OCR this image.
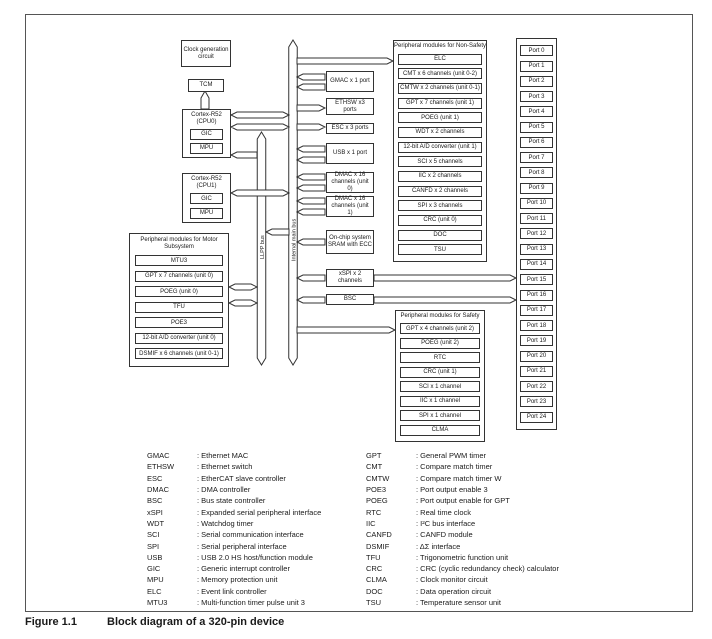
Internal main bus
LLPP bus
Clock generation circuit
TCM
Cortex-R52 (CPU0)
GIC
MPU
Cortex-R52 (CPU1)
GIC
MPU
Peripheral modules for Motor Subsystem
MTU3
GPT x 7 channels (unit 0)
POEG (unit 0)
TFU
POE3
12-bit A/D converter (unit 0)
DSMIF x 6 channels (unit 0-1)
GMAC x 1 port
ETHSW x3 ports
ESC x 3 ports
USB x 1 port
DMAC x 16 channels (unit 0)
DMAC x 16 channels (unit 1)
On-chip system SRAM with ECC
xSPI x 2 channels
BSC
Peripheral modules for Non-Safety
ELC
CMT x 6 channels (unit 0-2)
CMTW x 2 channels (unit 0-1)
GPT x 7 channels (unit 1)
POEG (unit 1)
WDT x 2 channels
12-bit A/D converter (unit 1)
SCI x 5 channels
IIC x 2 channels
CANFD x 2 channels
SPI x 3 channels
CRC (unit 0)
DOC
TSU
Peripheral modules for Safety
GPT x 4 channels (unit 2)
POEG (unit 2)
RTC
CRC (unit 1)
SCI x 1 channel
IIC x 1 channel
SPI x 1 channel
CLMA
Port 0
Port 1
Port 2
Port 3
Port 4
Port 5
Port 6
Port 7
Port 8
Port 9
Port 10
Port 11
Port 12
Port 13
Port 14
Port 15
Port 16
Port 17
Port 18
Port 19
Port 20
Port 21
Port 22
Port 23
Port 24
GMAC	: Ethernet MAC
ETHSW	: Ethernet switch
ESC	: EtherCAT slave controller
DMAC	: DMA controller
BSC	: Bus state controller
xSPI	: Expanded serial peripheral interface
WDT	: Watchdog timer
SCI	: Serial communication interface
SPI	: Serial peripheral interface
USB	: USB 2.0 HS host/function module
GIC	: Generic interrupt controller
MPU	: Memory protection unit
ELC	: Event link controller
MTU3	: Multi-function timer pulse unit 3
GPT	: General PWM timer
CMT	: Compare match timer
CMTW	: Compare match timer W
POE3	: Port output enable 3
POEG	: Port output enable for GPT
RTC	: Real time clock
IIC	: I²C bus interface
CANFD	: CANFD module
DSMIF	: ΔΣ interface
TFU	: Trigonometric function unit
CRC	: CRC (cyclic redundancy check) calculator
CLMA	: Clock monitor circuit
DOC	: Data operation circuit
TSU	: Temperature sensor unit
Figure 1.1	Block diagram of a 320-pin device
